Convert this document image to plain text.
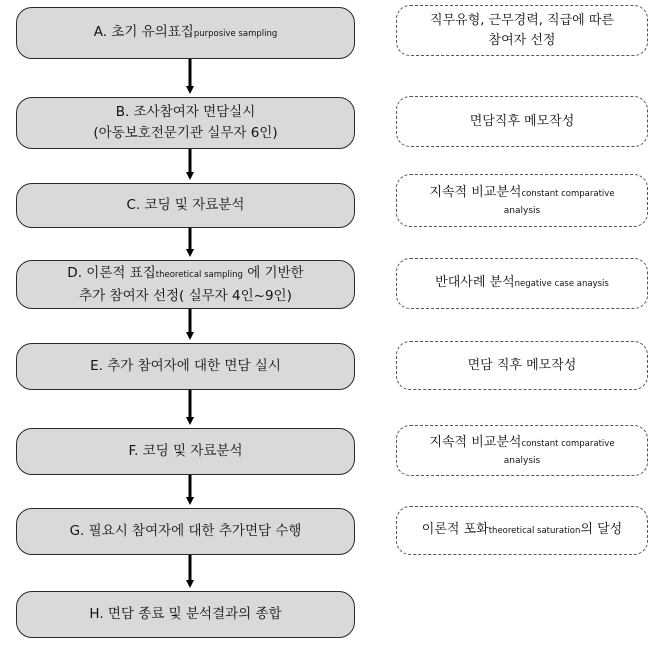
A. 초기 유의표집purposive sampling
B. 조사참여자 면담실시
(아동보호전문기관 실무자 6인)
C. 코딩 및 자료분석
D. 이론적 표집theoretical sampling 에 기반한
추가 참여자 선정( 실무자 4인~9인)
E. 추가 참여자에 대한 면담 실시
F. 코딩 및 자료분석
G. 필요시 참여자에 대한 추가면담 수행
H. 면담 종료 및 분석결과의 종합
직무유형, 근무경력, 직급에 따른
참여자 선정
면담직후 메모작성
지속적 비교분석constant comparative
analysis
반대사례 분석negative case anaysis
면담 직후 메모작성
지속적 비교분석constant comparative
analysis
이론적 포화theoretical saturation의 달성
